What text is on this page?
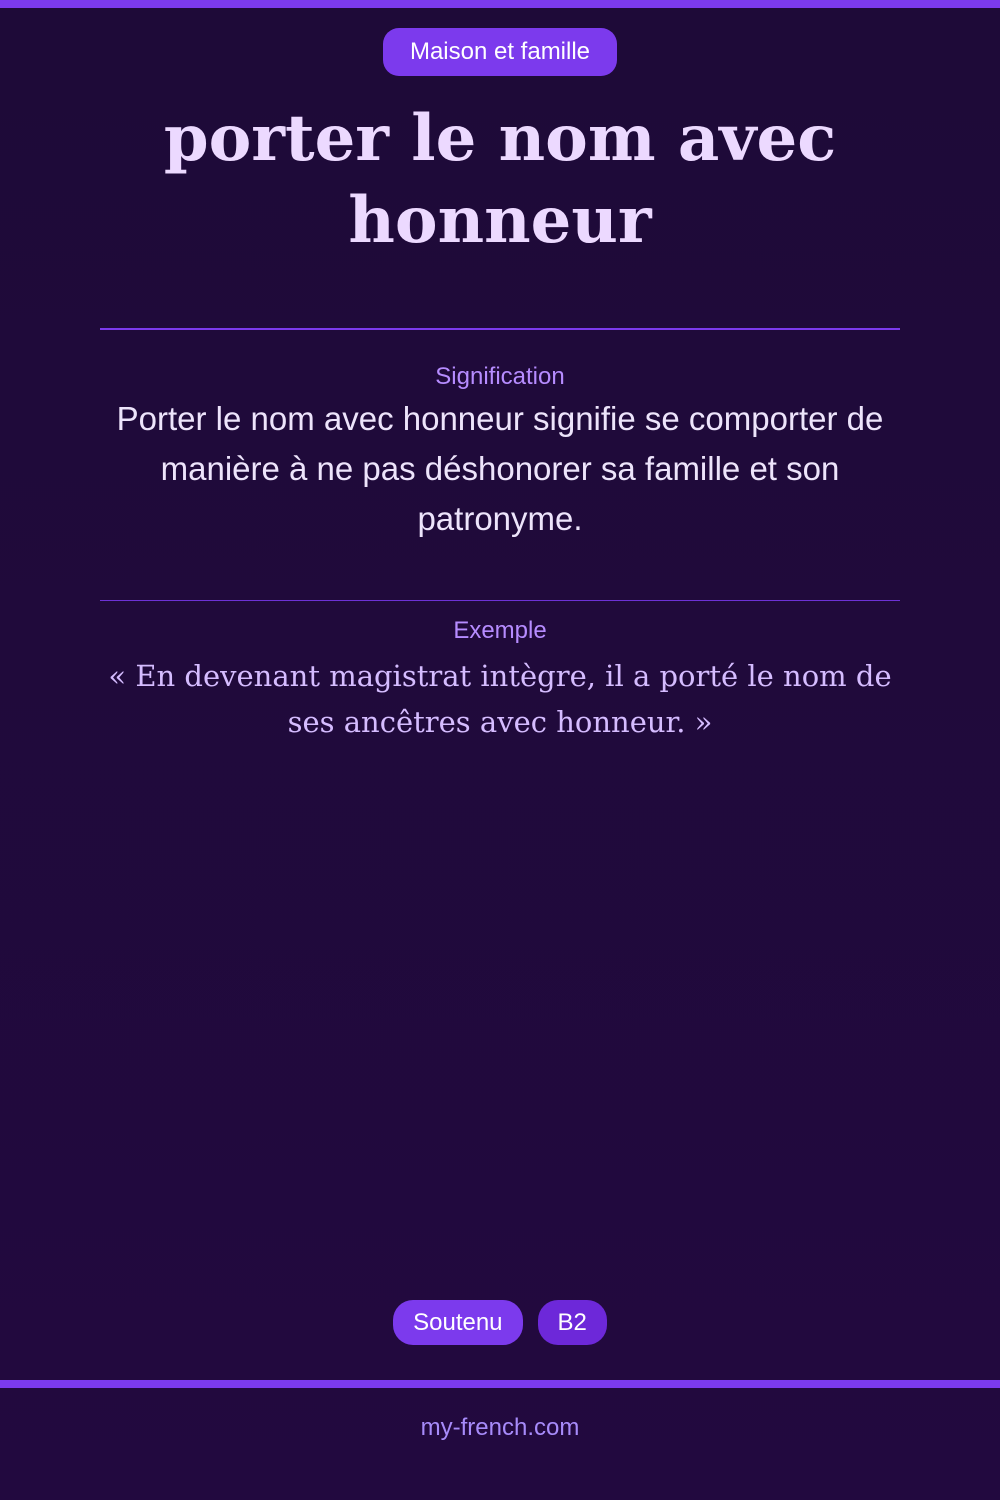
Maison et famille
porter le nom avec honneur
Signification

Porter le nom avec honneur signifie se comporter de manière à ne pas déshonorer sa famille et son patronyme.

Exemple

« En devenant magistrat intègre, il a porté le nom de ses ancêtres avec honneur. »

Soutenu	B2
my-french.com
